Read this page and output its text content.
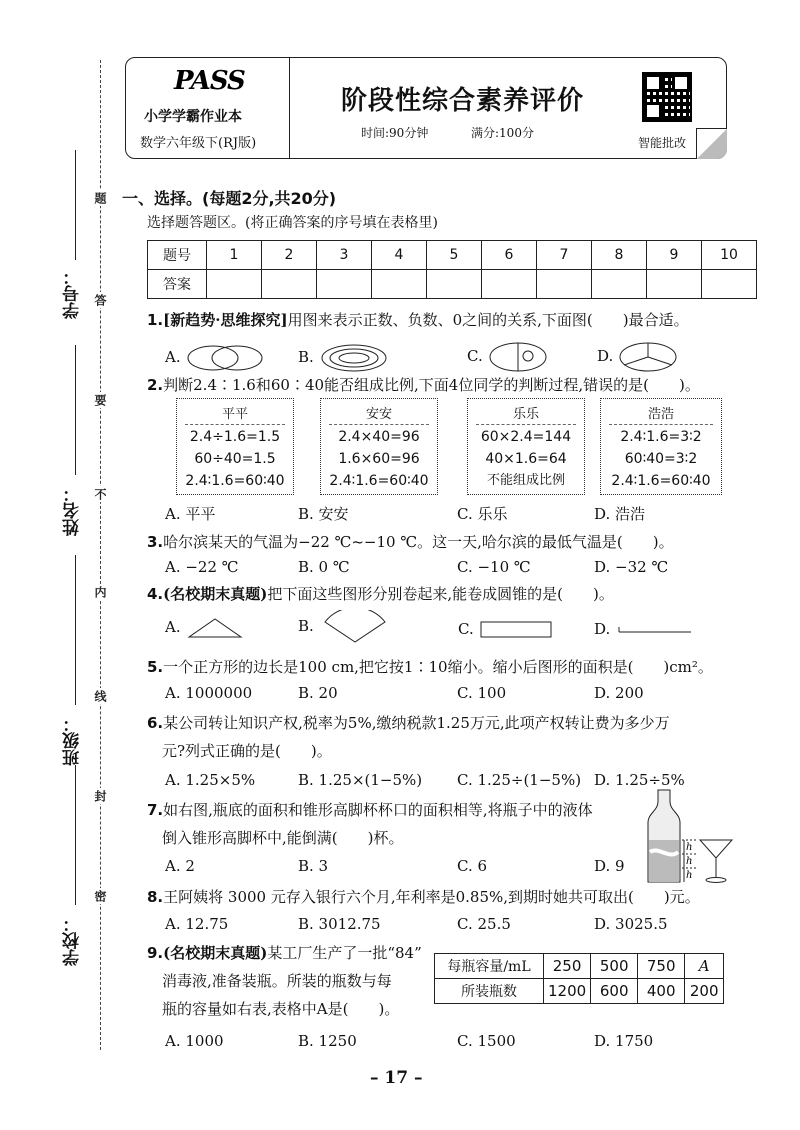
学号：
姓名：
班级：
学校：
题
答
要
不
内
线
封
密
PASS
小学学霸作业本
数学六年级下(RJ版)
阶段性综合素养评价
时间:90分钟	满分:100分
智能批改
一、选择。(每题2分,共20分)
选择题答题区。(将正确答案的序号填在表格里)
题号	1	2	3	4	5	6	7	8	9	10
答案										
1.[新趋势·思维探究]用图来表示正数、负数、0之间的关系,下面图( )最合适。
A.	B.	C.	D.
2.判断2.4∶1.6和60∶40能否组成比例,下面4位同学的判断过程,错误的是( )。
平平
2.4÷1.6=1.5
60÷40=1.5
2.4∶1.6=60∶40
安安
2.4×40=96
1.6×60=96
2.4∶1.6=60∶40
乐乐
60×2.4=144
40×1.6=64
不能组成比例
浩浩
2.4∶1.6=3∶2
60∶40=3∶2
2.4∶1.6=60∶40
A. 平平	B. 安安	C. 乐乐	D. 浩浩
3.哈尔滨某天的气温为−22 ℃~−10 ℃。这一天,哈尔滨的最低气温是( )。
A. −22 ℃	B. 0 ℃	C. −10 ℃	D. −32 ℃
4.(名校期末真题)把下面这些图形分别卷起来,能卷成圆锥的是( )。
A.	B.	C.	D.
5.一个正方形的边长是100 cm,把它按1∶10缩小。缩小后图形的面积是( )cm²。
A. 1000000	B. 20	C. 100	D. 200
6.某公司转让知识产权,税率为5%,缴纳税款1.25万元,此项产权转让费为多少万
元?列式正确的是( )。
A. 1.25×5%	B. 1.25×(1−5%) C. 1.25÷(1−5%) D. 1.25÷5%
7.如右图,瓶底的面积和锥形高脚杯杯口的面积相等,将瓶子中的液体
倒入锥形高脚杯中,能倒满( )杯。
A. 2	B. 3	C. 6	D. 9
h
h
h
8.王阿姨将 3000 元存入银行六个月,年利率是0.85%,到期时她共可取出( )元。
A. 12.75	B. 3012.75	C. 25.5	D. 3025.5
9.(名校期末真题)某工厂生产了一批“84”
消毒液,准备装瓶。所装的瓶数与每
瓶的容量如右表,表格中A是( )。
每瓶容量/mL	250	500	750	A
所装瓶数	1200	600	400	200
A. 1000	B. 1250	C. 1500	D. 1750
– 17 –
